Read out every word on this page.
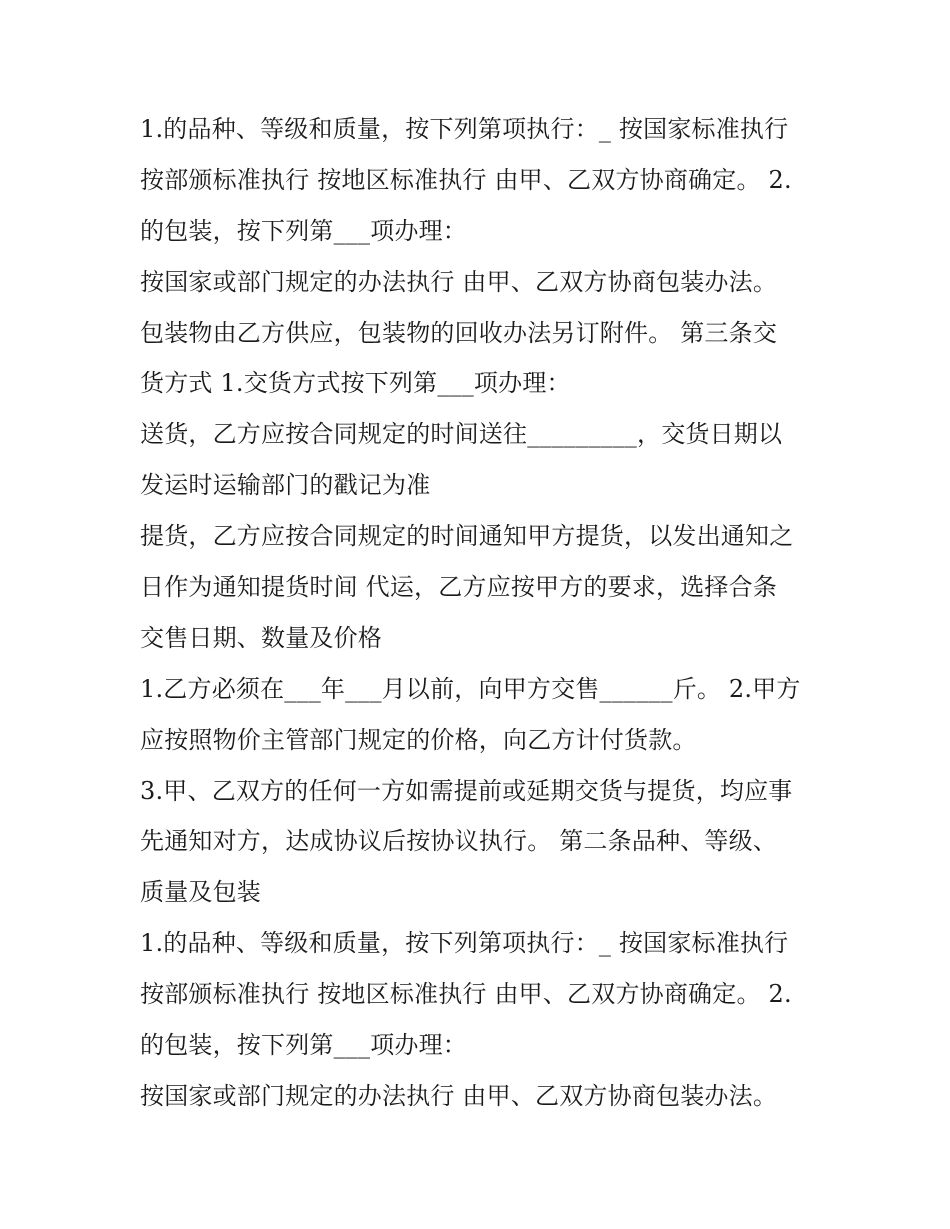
1.的品种、等级和质量，按下列第项执行：_ 按国家标准执行
按部颁标准执行 按地区标准执行 由甲、乙双方协商确定。 2.
的包装，按下列第___项办理：
按国家或部门规定的办法执行 由甲、乙双方协商包装办法。
包装物由乙方供应，包装物的回收办法另订附件。 第三条交
货方式 1.交货方式按下列第___项办理：
送货，乙方应按合同规定的时间送往_________，交货日期以
发运时运输部门的戳记为准
提货，乙方应按合同规定的时间通知甲方提货，以发出通知之
日作为通知提货时间 代运，乙方应按甲方的要求，选择合条
交售日期、数量及价格
1.乙方必须在___年___月以前，向甲方交售______斤。 2.甲方
应按照物价主管部门规定的价格，向乙方计付货款。
3.甲、乙双方的任何一方如需提前或延期交货与提货，均应事
先通知对方，达成协议后按协议执行。 第二条品种、等级、
质量及包装
1.的品种、等级和质量，按下列第项执行：_ 按国家标准执行
按部颁标准执行 按地区标准执行 由甲、乙双方协商确定。 2.
的包装，按下列第___项办理：
按国家或部门规定的办法执行 由甲、乙双方协商包装办法。
